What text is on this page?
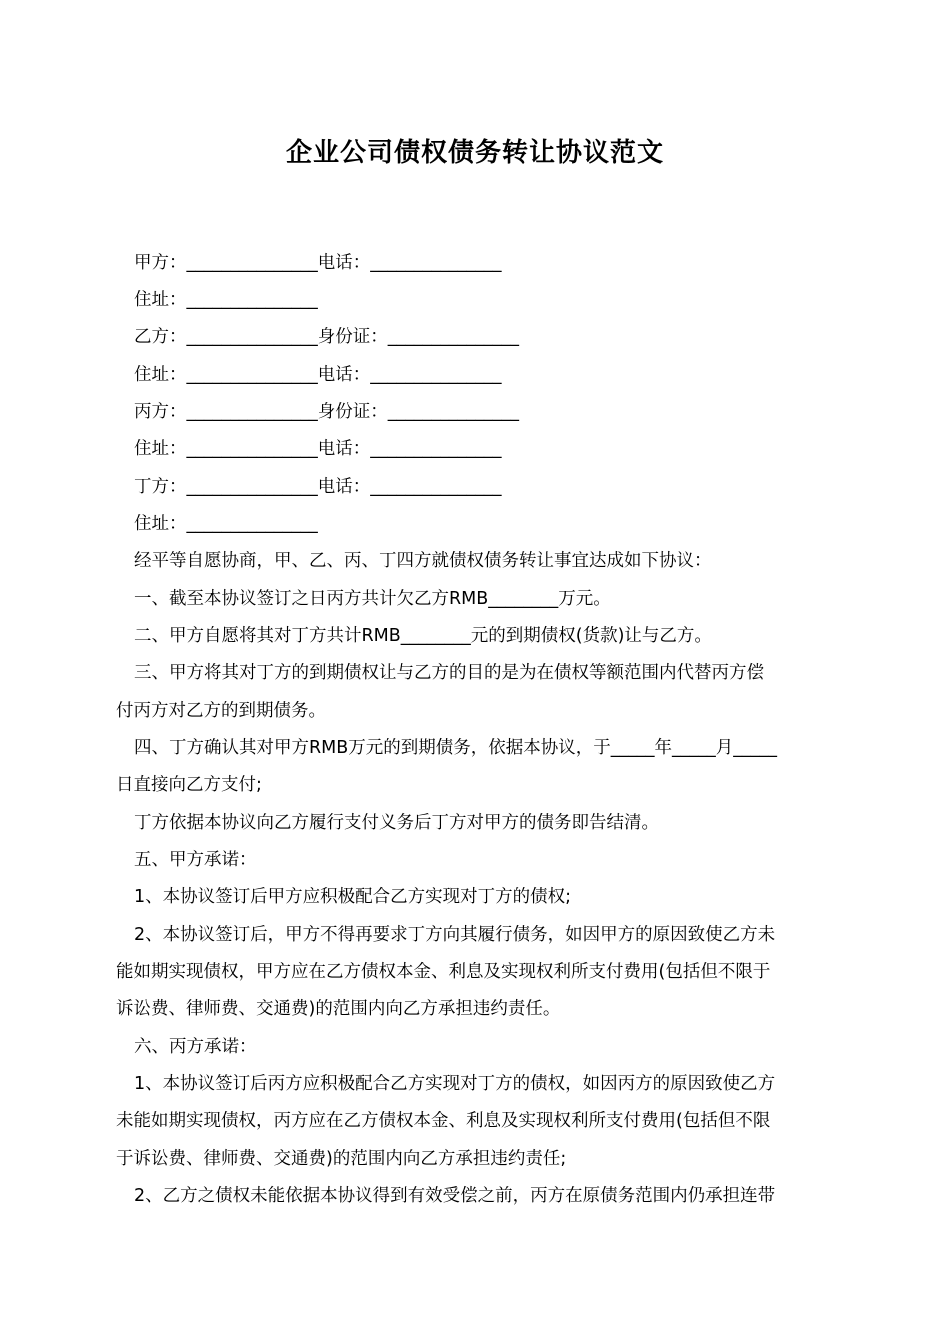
企业公司债权债务转让协议范文
甲方：_______________电话：_______________
住址：_______________
乙方：_______________身份证：_______________
住址：_______________电话：_______________
丙方：_______________身份证：_______________
住址：_______________电话：_______________
丁方：_______________电话：_______________
住址：_______________
经平等自愿协商，甲、乙、丙、丁四方就债权债务转让事宜达成如下协议：
一、截至本协议签订之日丙方共计欠乙方RMB________万元。
二、甲方自愿将其对丁方共计RMB________元的到期债权(货款)让与乙方。
三、甲方将其对丁方的到期债权让与乙方的目的是为在债权等额范围内代替丙方偿
付丙方对乙方的到期债务。
四、丁方确认其对甲方RMB万元的到期债务，依据本协议，于_____年_____月_____
日直接向乙方支付;
丁方依据本协议向乙方履行支付义务后丁方对甲方的债务即告结清。
五、甲方承诺：
1、本协议签订后甲方应积极配合乙方实现对丁方的债权;
2、本协议签订后，甲方不得再要求丁方向其履行债务，如因甲方的原因致使乙方未
能如期实现债权，甲方应在乙方债权本金、利息及实现权利所支付费用(包括但不限于
诉讼费、律师费、交通费)的范围内向乙方承担违约责任。
六、丙方承诺：
1、本协议签订后丙方应积极配合乙方实现对丁方的债权，如因丙方的原因致使乙方
未能如期实现债权，丙方应在乙方债权本金、利息及实现权利所支付费用(包括但不限
于诉讼费、律师费、交通费)的范围内向乙方承担违约责任;
2、乙方之债权未能依据本协议得到有效受偿之前，丙方在原债务范围内仍承担连带
